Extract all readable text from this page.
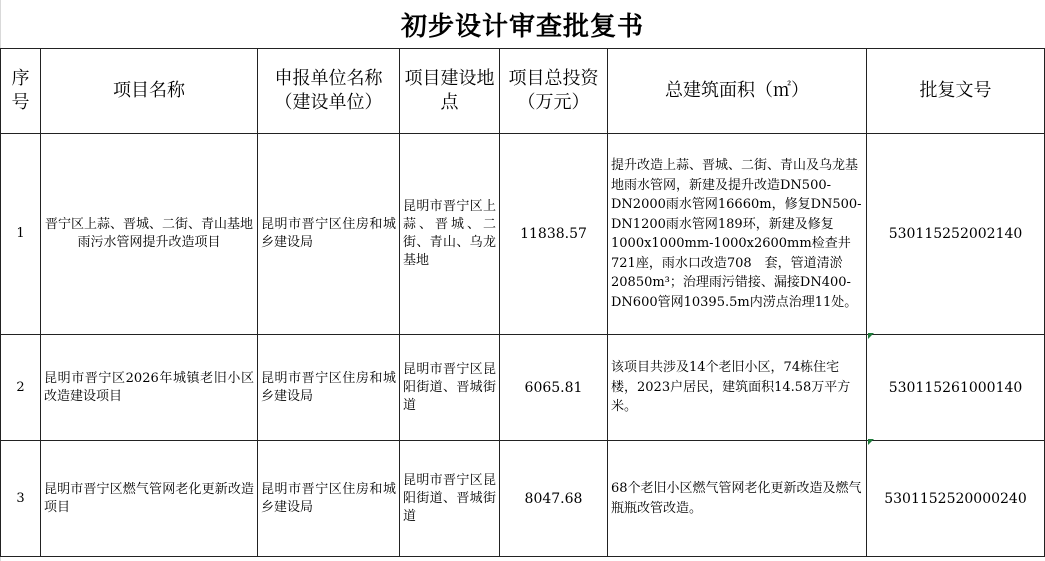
初步设计审查批复书
序号	项目名称	申报单位名称（建设单位）	项目建设地点	项目总投资（万元）	总建筑面积（㎡）	批复文号
1	晋宁区上蒜、晋城、二街、青山基地雨污水管网提升改造项目	昆明市晋宁区住房和城乡建设局	昆明市晋宁区上蒜、晋城、二街、青山、乌龙基地	11838.57	提升改造上蒜、晋城、二街、青山及乌龙基地雨水管网，新建及提升改造DN500-DN2000雨水管网16660m，修复DN500-DN1200雨水管网189环，新建及修复1000x1000mm-1000x2600mm检查井721座，雨水口改造708　套，管道清淤20850m³；治理雨污错接、漏接DN400-DN600管网10395.5m内涝点治理11处。	530115252002140
2	昆明市晋宁区2026年城镇老旧小区改造建设项目	昆明市晋宁区住房和城乡建设局	昆明市晋宁区昆阳街道、晋城街道	6065.81	该项目共涉及14个老旧小区，74栋住宅楼，2023户居民，建筑面积14.58万平方米。	530115261000140
3	昆明市晋宁区燃气管网老化更新改造项目	昆明市晋宁区住房和城乡建设局	昆明市晋宁区昆阳街道、晋城街道	8047.68	68个老旧小区燃气管网老化更新改造及燃气瓶瓶改管改造。	5301152520000240
